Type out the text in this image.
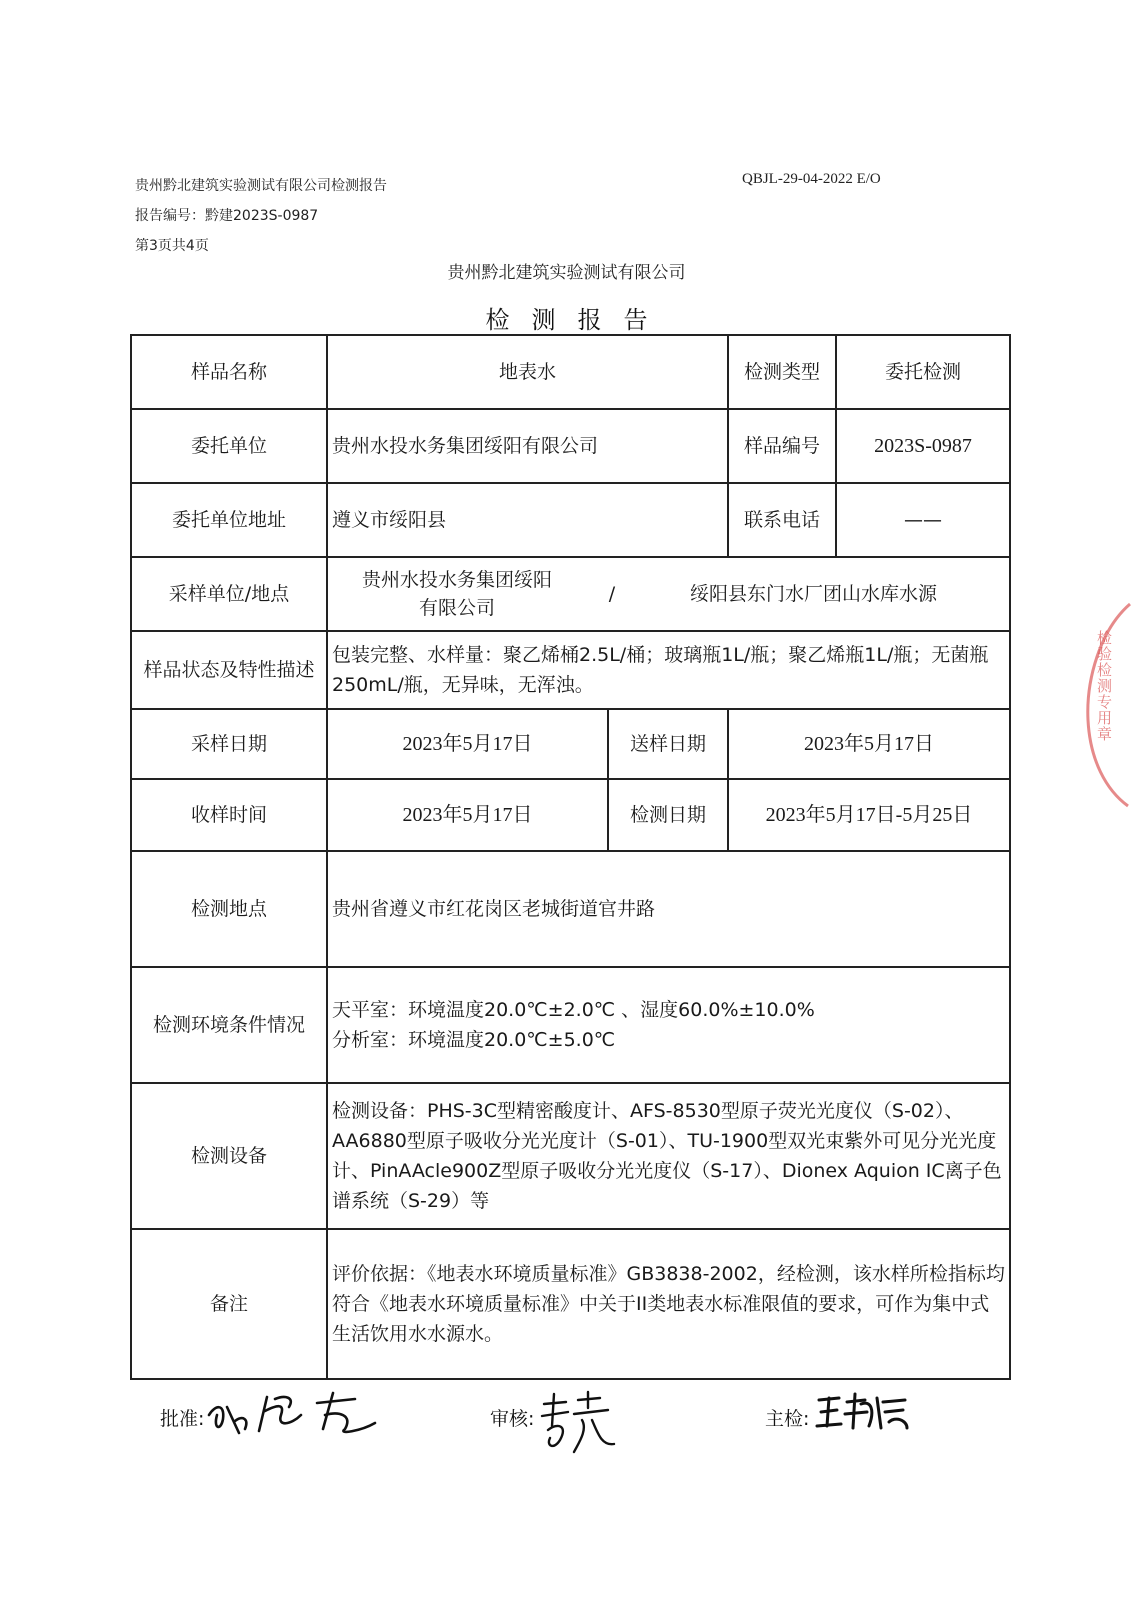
贵州黔北建筑实验测试有限公司检测报告
报告编号：黔建2023S-0987
第3页共4页
QBJL-29-04-2022 E/O
贵州黔北建筑实验测试有限公司
检测报告
样品名称	地表水		检测类型	委托检测
委托单位	贵州水投水务集团绥阳有限公司		样品编号	2023S-0987
委托单位地址	遵义市绥阳县		联系电话	——
采样单位/地点	贵州水投水务集团绥阳
有限公司
/ 绥阳县东门水厂团山水库水源			

样品状态及特性描述	包装完整、水样量：聚乙烯桶2.5L/桶；玻璃瓶1L/瓶；聚乙烯瓶1L/瓶；无菌瓶250mL/瓶，无异味，无浑浊。			
采样日期	2023年5月17日	送样日期	2023年5月17日	
收样时间	2023年5月17日	检测日期	2023年5月17日-5月25日	
检测地点	贵州省遵义市红花岗区老城街道官井路			
检测环境条件情况	天平室：环境温度20.0℃±2.0℃ 、湿度60.0%±10.0%
分析室：环境温度20.0℃±5.0℃			

检测设备	检测设备：PHS-3C型精密酸度计、AFS-8530型原子荧光光度仪（S-02）、AA6880型原子吸收分光光度计（S-01）、TU-1900型双光束紫外可见分光光度计、PinAAcle900Z型原子吸收分光光度仪（S-17）、Dionex Aquion IC离子色谱系统（S-29）等			
备注	评价依据：《地表水环境质量标准》GB3838-2002，经检测，该水样所检指标均符合《地表水环境质量标准》中关于II类地表水标准限值的要求，可作为集中式生活饮用水水源水。			
批准:	审核:	主检:
检验检测专用章
